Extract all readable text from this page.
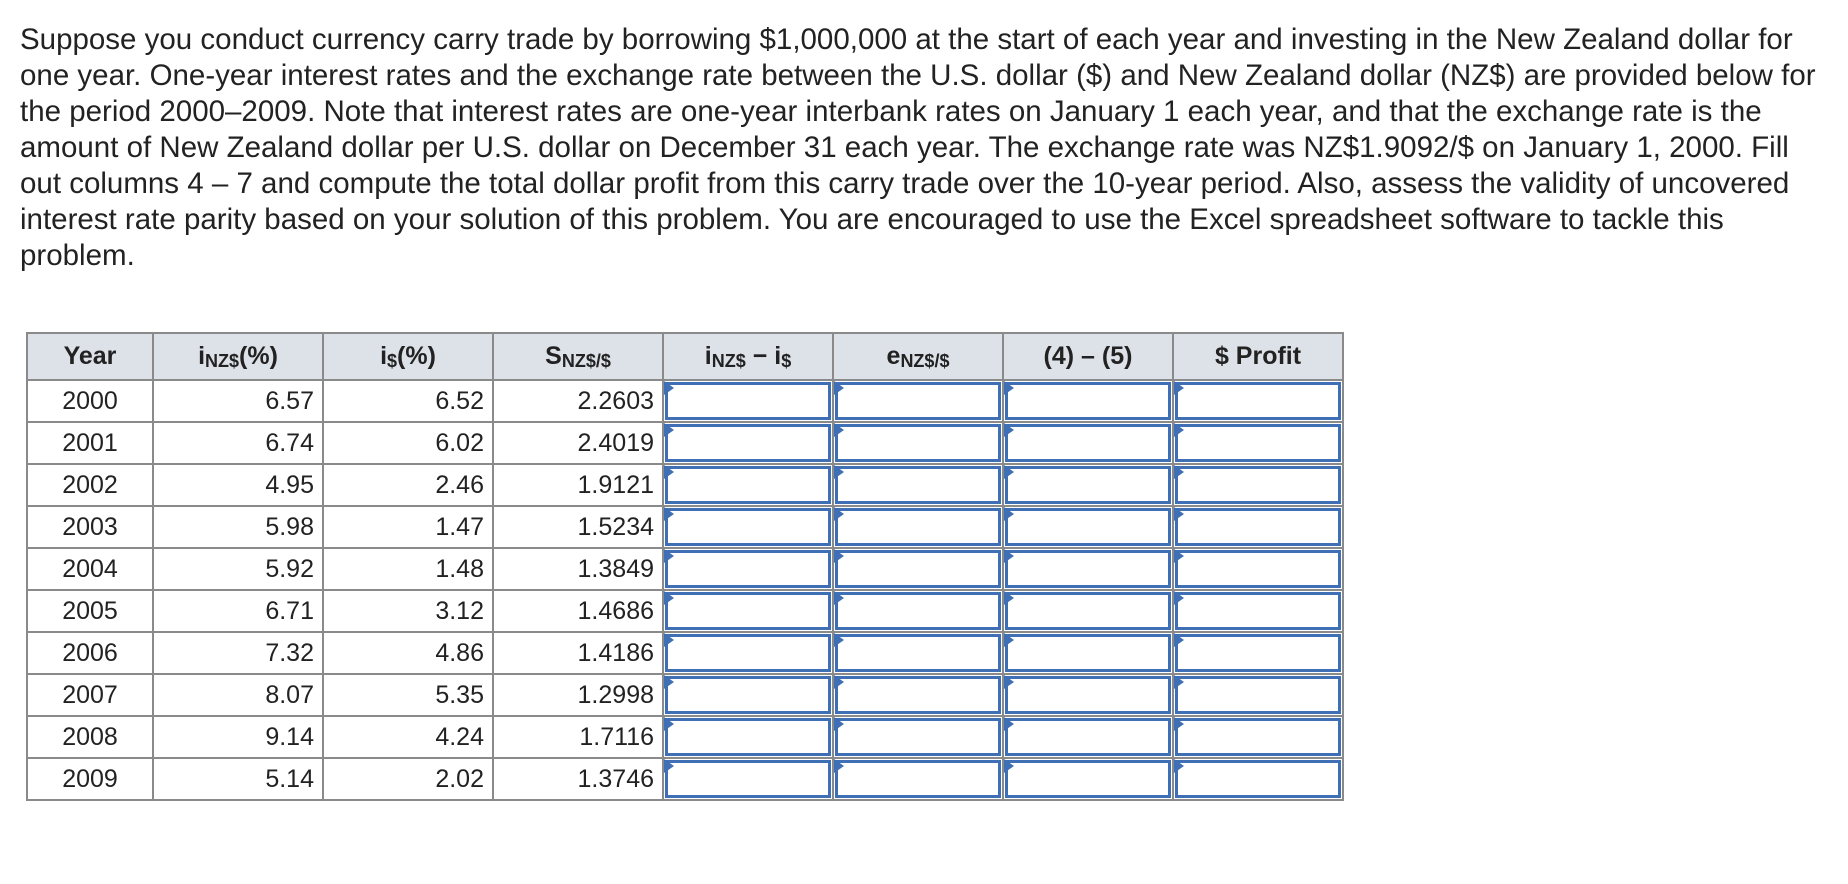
Suppose you conduct currency carry trade by borrowing $1,000,000 at the start of each year and investing in the New Zealand dollar for one year. One-year interest rates and the exchange rate between the U.S. dollar ($) and New Zealand dollar (NZ$) are provided below for the period 2000–2009. Note that interest rates are one-year interbank rates on January 1 each year, and that the exchange rate is the amount of New Zealand dollar per U.S. dollar on December 31 each year. The exchange rate was NZ$1.9092/$ on January 1, 2000. Fill out columns 4 – 7 and compute the total dollar profit from this carry trade over the 10-year period. Also, assess the validity of uncovered interest rate parity based on your solution of this problem. You are encouraged to use the Excel spreadsheet software to tackle this problem.

Year	$i_{NZ\$}(\%)$	$i_{\$}(\%)$	$S_{NZ\$/\$}$	$i_{NZ\$} - i_{\$}$	$e_{NZ\$/\$}$	(4) – (5)	$ Profit
2000	6.57	6.52	2.2603	

2001	6.74	6.02	2.4019	

2002	4.95	2.46	1.9121	

2003	5.98	1.47	1.5234	

2004	5.92	1.48	1.3849	

2005	6.71	3.12	1.4686	

2006	7.32	4.86	1.4186	

2007	8.07	5.35	1.2998	

2008	9.14	4.24	1.7116	

2009	5.14	2.02	1.3746	
